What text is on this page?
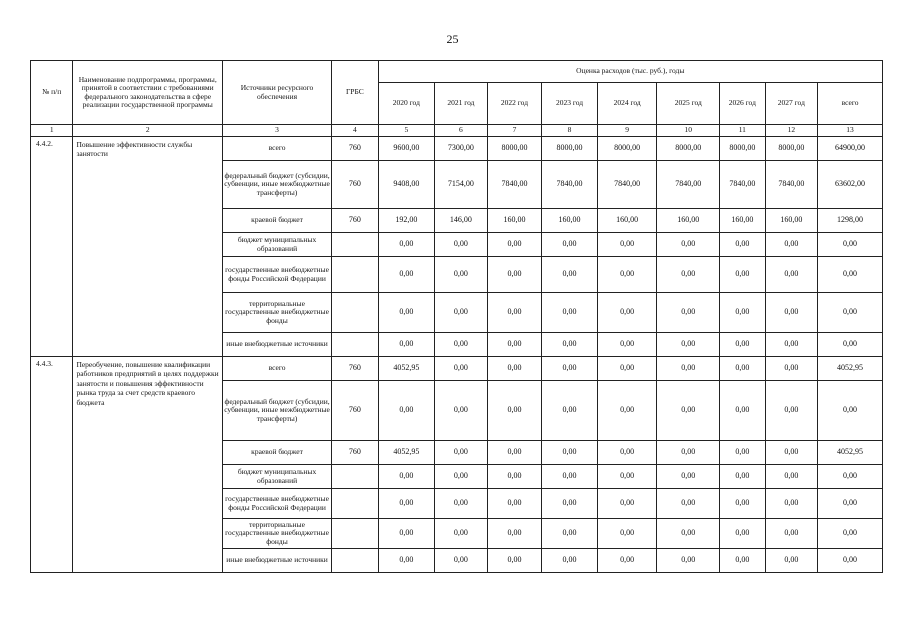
25
№ п/п	Наименование подпрограммы, программы, принятой в соответствии с требованиями федерального законодательства в сфере реализации государственной программы	Источники ресурсного обеспечения	ГРБС	Оценка расходов (тыс. руб.), годы								
				2020 год	2021 год	2022 год	2023 год	2024 год	2025 год	2026 год	2027 год	всего
1	2	3	4	5	6	7	8	9	10	11	12	13
4.4.2.	Повышение эффективности службы занятости	всего	760	9600,00	7300,00	8000,00	8000,00	8000,00	8000,00	8000,00	8000,00	64900,00
		федеральный бюджет (субсидии, субвенции, иные межбюджетные трансферты)	760	9408,00	7154,00	7840,00	7840,00	7840,00	7840,00	7840,00	7840,00	63602,00
		краевой бюджет	760	192,00	146,00	160,00	160,00	160,00	160,00	160,00	160,00	1298,00
		бюджет муниципальных образований		0,00	0,00	0,00	0,00	0,00	0,00	0,00	0,00	0,00
		государственные внебюджетные фонды Российской Федерации		0,00	0,00	0,00	0,00	0,00	0,00	0,00	0,00	0,00
		территориальные государственные внебюджетные фонды		0,00	0,00	0,00	0,00	0,00	0,00	0,00	0,00	0,00
		иные внебюджетные источники		0,00	0,00	0,00	0,00	0,00	0,00	0,00	0,00	0,00
4.4.3.	Переобучение, повышение квалификации работников предприятий в целях поддержки занятости и повышения эффективности рынка труда за счет средств краевого бюджета	всего	760	4052,95	0,00	0,00	0,00	0,00	0,00	0,00	0,00	4052,95
		федеральный бюджет (субсидии, субвенции, иные межбюджетные трансферты)	760	0,00	0,00	0,00	0,00	0,00	0,00	0,00	0,00	0,00
		краевой бюджет	760	4052,95	0,00	0,00	0,00	0,00	0,00	0,00	0,00	4052,95
		бюджет муниципальных образований		0,00	0,00	0,00	0,00	0,00	0,00	0,00	0,00	0,00
		государственные внебюджетные фонды Российской Федерации		0,00	0,00	0,00	0,00	0,00	0,00	0,00	0,00	0,00
		территориальные государственные внебюджетные фонды		0,00	0,00	0,00	0,00	0,00	0,00	0,00	0,00	0,00
		иные внебюджетные источники		0,00	0,00	0,00	0,00	0,00	0,00	0,00	0,00	0,00
